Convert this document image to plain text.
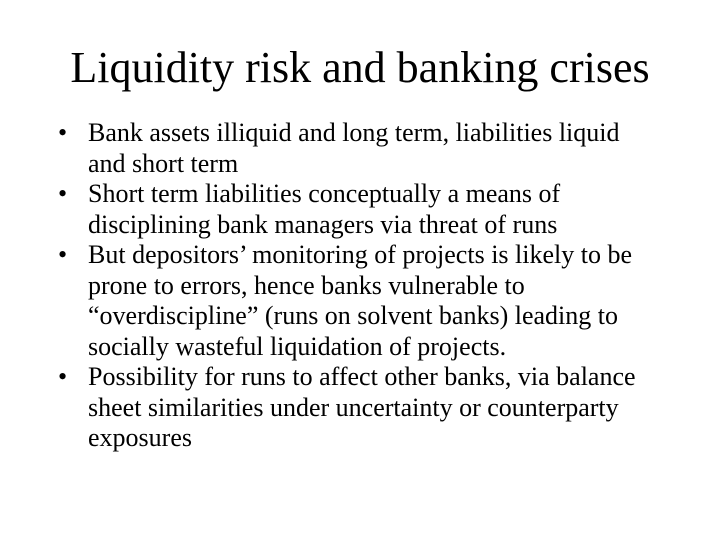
Liquidity risk and banking crises
• Bank assets illiquid and long term, liabilities liquid and short term
• Short term liabilities conceptually a means of disciplining bank managers via threat of runs
• But depositors’ monitoring of projects is likely to be prone to errors, hence banks vulnerable to “overdiscipline” (runs on solvent banks) leading to socially wasteful liquidation of projects.
• Possibility for runs to affect other banks, via balance sheet similarities under uncertainty or counterparty exposures
